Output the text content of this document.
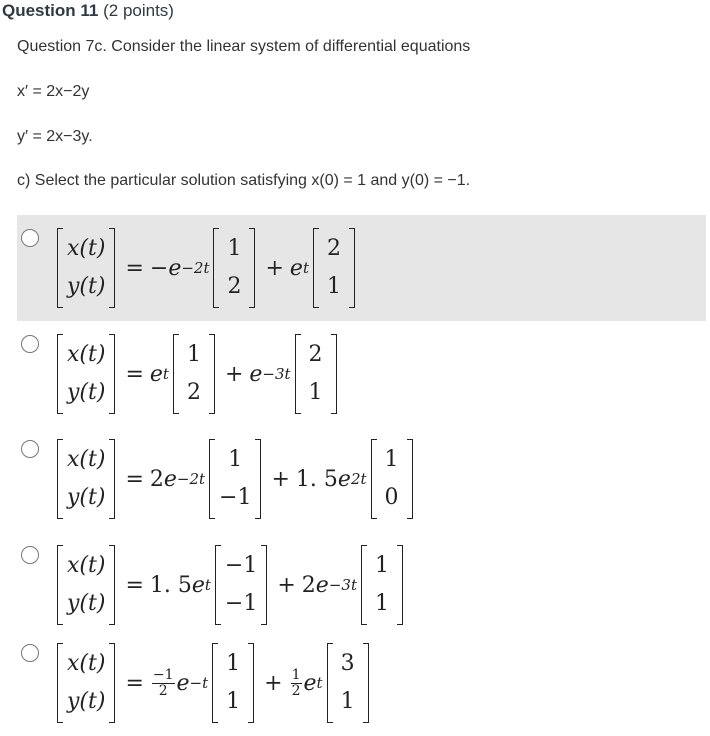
Question 11 (2 points)
Question 7c. Consider the linear system of differential equations
x′ = 2x−2y
y′ = 2x−3y.
c) Select the particular solution satisfying x(0) = 1 and y(0) = −1.
x(t)
y(t)
= − e −2t
1
2
+ e t
2
1
x(t)
y(t)
= e t
1
2
+ e −3t
2
1
x(t)
y(t)
= 2 e −2t
1
−1
+ 1. 5 e 2t
1
0
x(t)
y(t)
= 1. 5 e t
−1
−1
+ 2 e −3t
1
1
x(t)
y(t)
= $\frac{-1}{2}$ e −t
1
1
+ $\frac{1}{2}$ e t
3
1
